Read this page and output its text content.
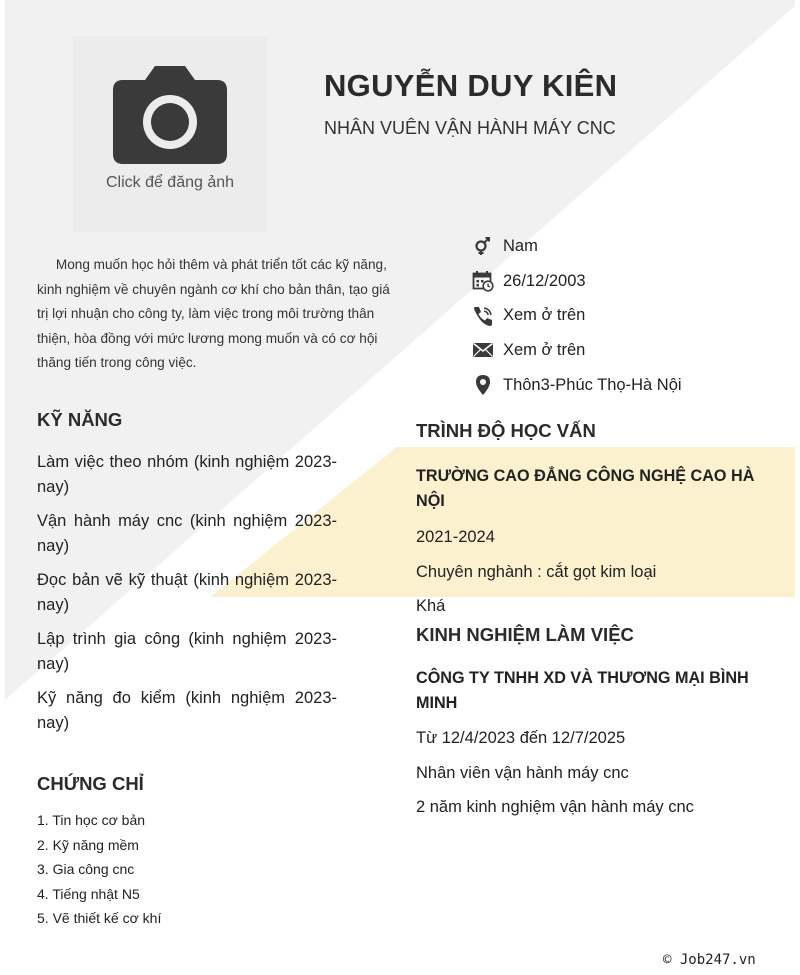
Click để đăng ảnh
NGUYỄN DUY KIÊN
NHÂN VUÊN VẬN HÀNH MÁY CNC
Mong muốn học hỏi thêm và phát triển tốt các kỹ năng, kinh nghiệm về chuyên ngành cơ khí cho bản thân, tạo giá trị lợi nhuận cho công ty, làm việc trong môi trường thân thiện, hòa đồng với mức lương mong muốn và có cơ hội thăng tiến trong công việc.
Nam
26/12/2003
Xem ở trên
Xem ở trên
Thôn3-Phúc Thọ-Hà Nội
KỸ NĂNG
Làm việc theo nhóm (kinh nghiệm 2023- nay)
Vận hành máy cnc (kinh nghiệm 2023- nay)
Đọc bản vẽ kỹ thuật (kinh nghiệm 2023- nay)
Lập trình gia công (kinh nghiệm 2023- nay)
Kỹ năng đo kiểm (kinh nghiệm 2023- nay)
CHỨNG CHỈ
1. Tin học cơ bản
2. Kỹ năng mềm
3. Gia công cnc
4. Tiếng nhật N5
5. Vẽ thiết kế cơ khí
TRÌNH ĐỘ HỌC VẤN
TRƯỜNG CAO ĐẲNG CÔNG NGHỆ CAO HÀ NỘI
2021-2024
Chuyên nghành : cắt gọt kim loại
Khá
KINH NGHIỆM LÀM VIỆC
CÔNG TY TNHH XD VÀ THƯƠNG MẠI BÌNH MINH
Từ 12/4/2023 đến 12/7/2025
Nhân viên vận hành máy cnc
2 năm kinh nghiệm vận hành máy cnc
© Job247.vn
